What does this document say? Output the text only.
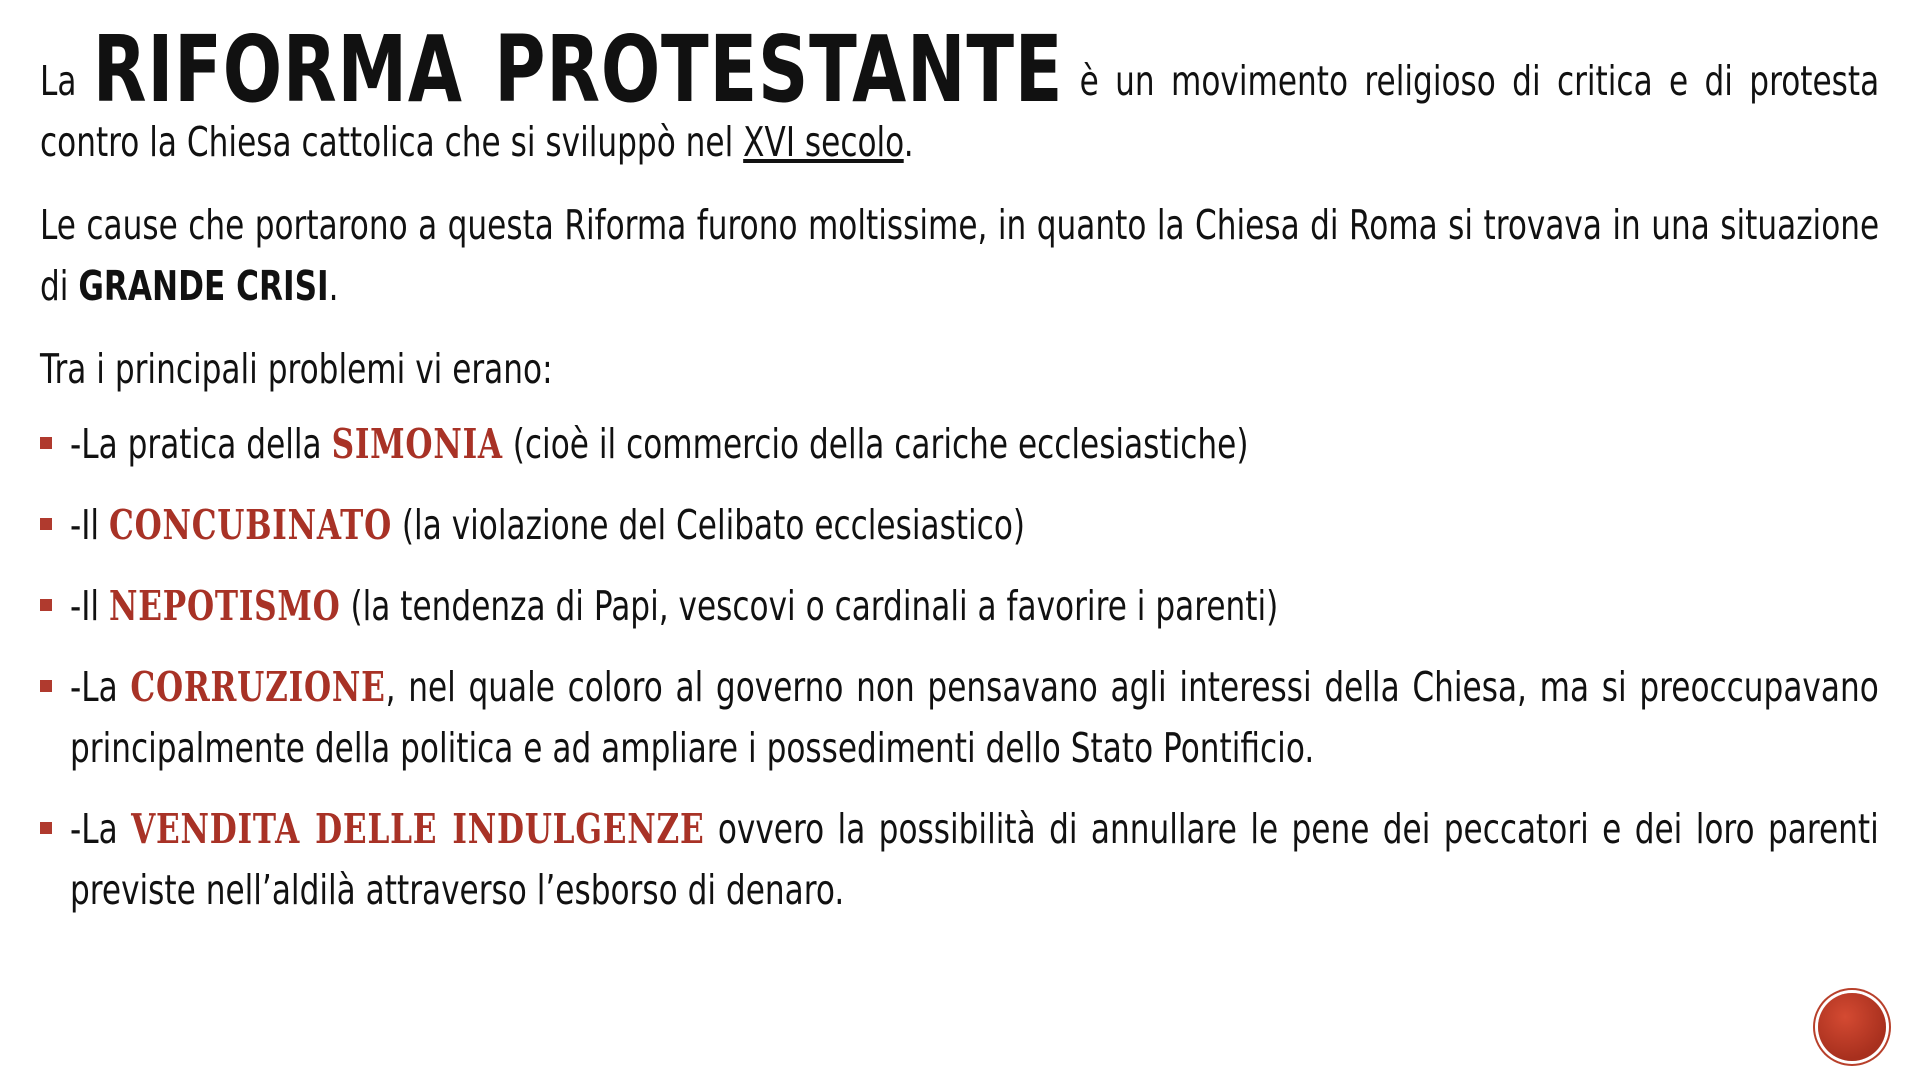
La RIFORMA PROTESTANTE è un movimento religioso di critica e di protesta contro la Chiesa cattolica che si sviluppò nel XVI secolo.

Le cause che portarono a questa Riforma furono moltissime, in quanto la Chiesa di Roma si trovava in una situazione di GRANDE CRISI.

Tra i principali problemi vi erano:

-La pratica della SIMONIA (cioè il commercio della cariche ecclesiastiche)
-Il CONCUBINATO (la violazione del Celibato ecclesiastico)
-Il NEPOTISMO (la tendenza di Papi, vescovi o cardinali a favorire i parenti)
-La CORRUZIONE, nel quale coloro al governo non pensavano agli interessi della Chiesa, ma si preoccupavano principalmente della politica e ad ampliare i possedimenti dello Stato Pontificio.
-La VENDITA DELLE INDULGENZE ovvero la possibilità di annullare le pene dei peccatori e dei loro parenti previste nell’aldilà attraverso l’esborso di denaro.
